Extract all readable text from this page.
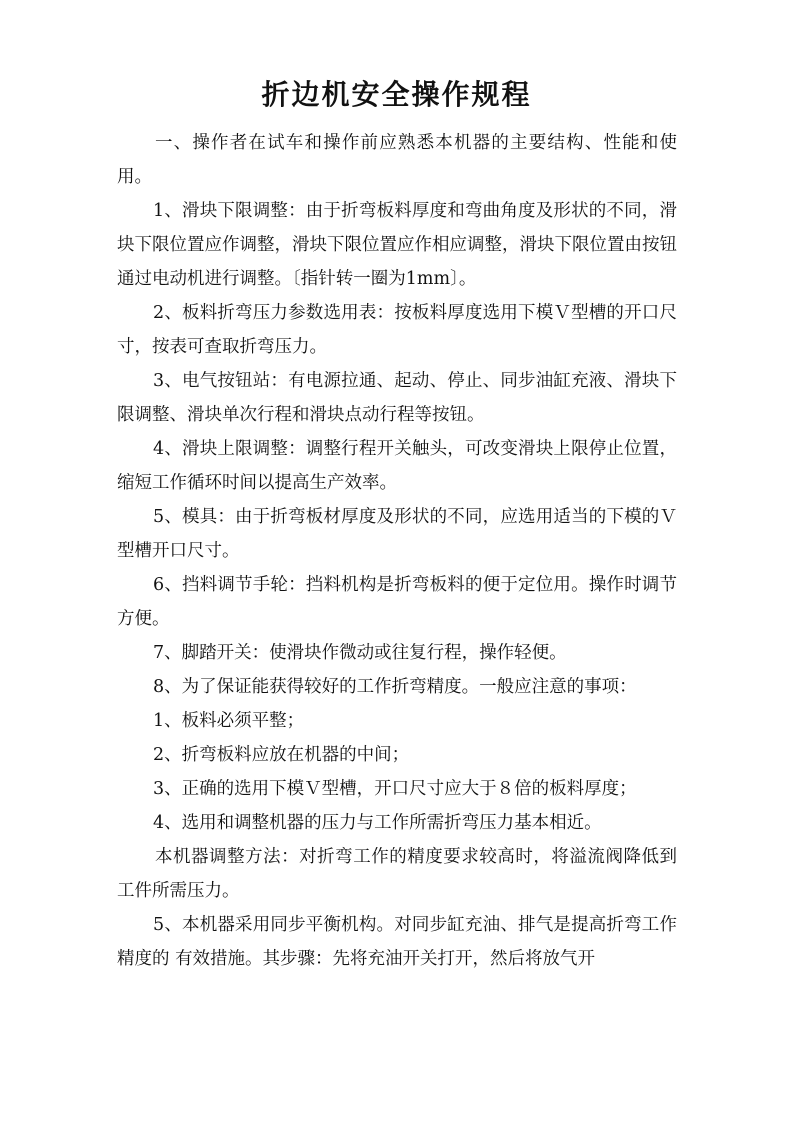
折边机安全操作规程

一、操作者在试车和操作前应熟悉本机器的主要结构、性能和使用。

1、滑块下限调整：由于折弯板料厚度和弯曲角度及形状的不同，滑块下限位置应作调整，滑块下限位置应作相应调整，滑块下限位置由按钮通过电动机进行调整。〔指针转一圈为1mm〕。

2、板料折弯压力参数选用表：按板料厚度选用下模Ｖ型槽的开口尺寸，按表可查取折弯压力。

3、电气按钮站：有电源拉通、起动、停止、同步油缸充液、滑块下限调整、滑块单次行程和滑块点动行程等按钮。

4、滑块上限调整：调整行程开关触头，可改变滑块上限停止位置，缩短工作循环时间以提高生产效率。

5、模具：由于折弯板材厚度及形状的不同，应选用适当的下模的Ｖ型槽开口尺寸。

6、挡料调节手轮：挡料机构是折弯板料的便于定位用。操作时调节方便。

7、脚踏开关：使滑块作微动或往复行程，操作轻便。

8、为了保证能获得较好的工作折弯精度。一般应注意的事项：

1、板料必须平整；

2、折弯板料应放在机器的中间；

3、正确的选用下模Ｖ型槽，开口尺寸应大于８倍的板料厚度；

4、选用和调整机器的压力与工作所需折弯压力基本相近。

本机器调整方法：对折弯工作的精度要求较高时，将溢流阀降低到工件所需压力。

5、本机器采用同步平衡机构。对同步缸充油、排气是提高折弯工作精度的 有效措施。其步骤：先将充油开关打开，然后将放气开
